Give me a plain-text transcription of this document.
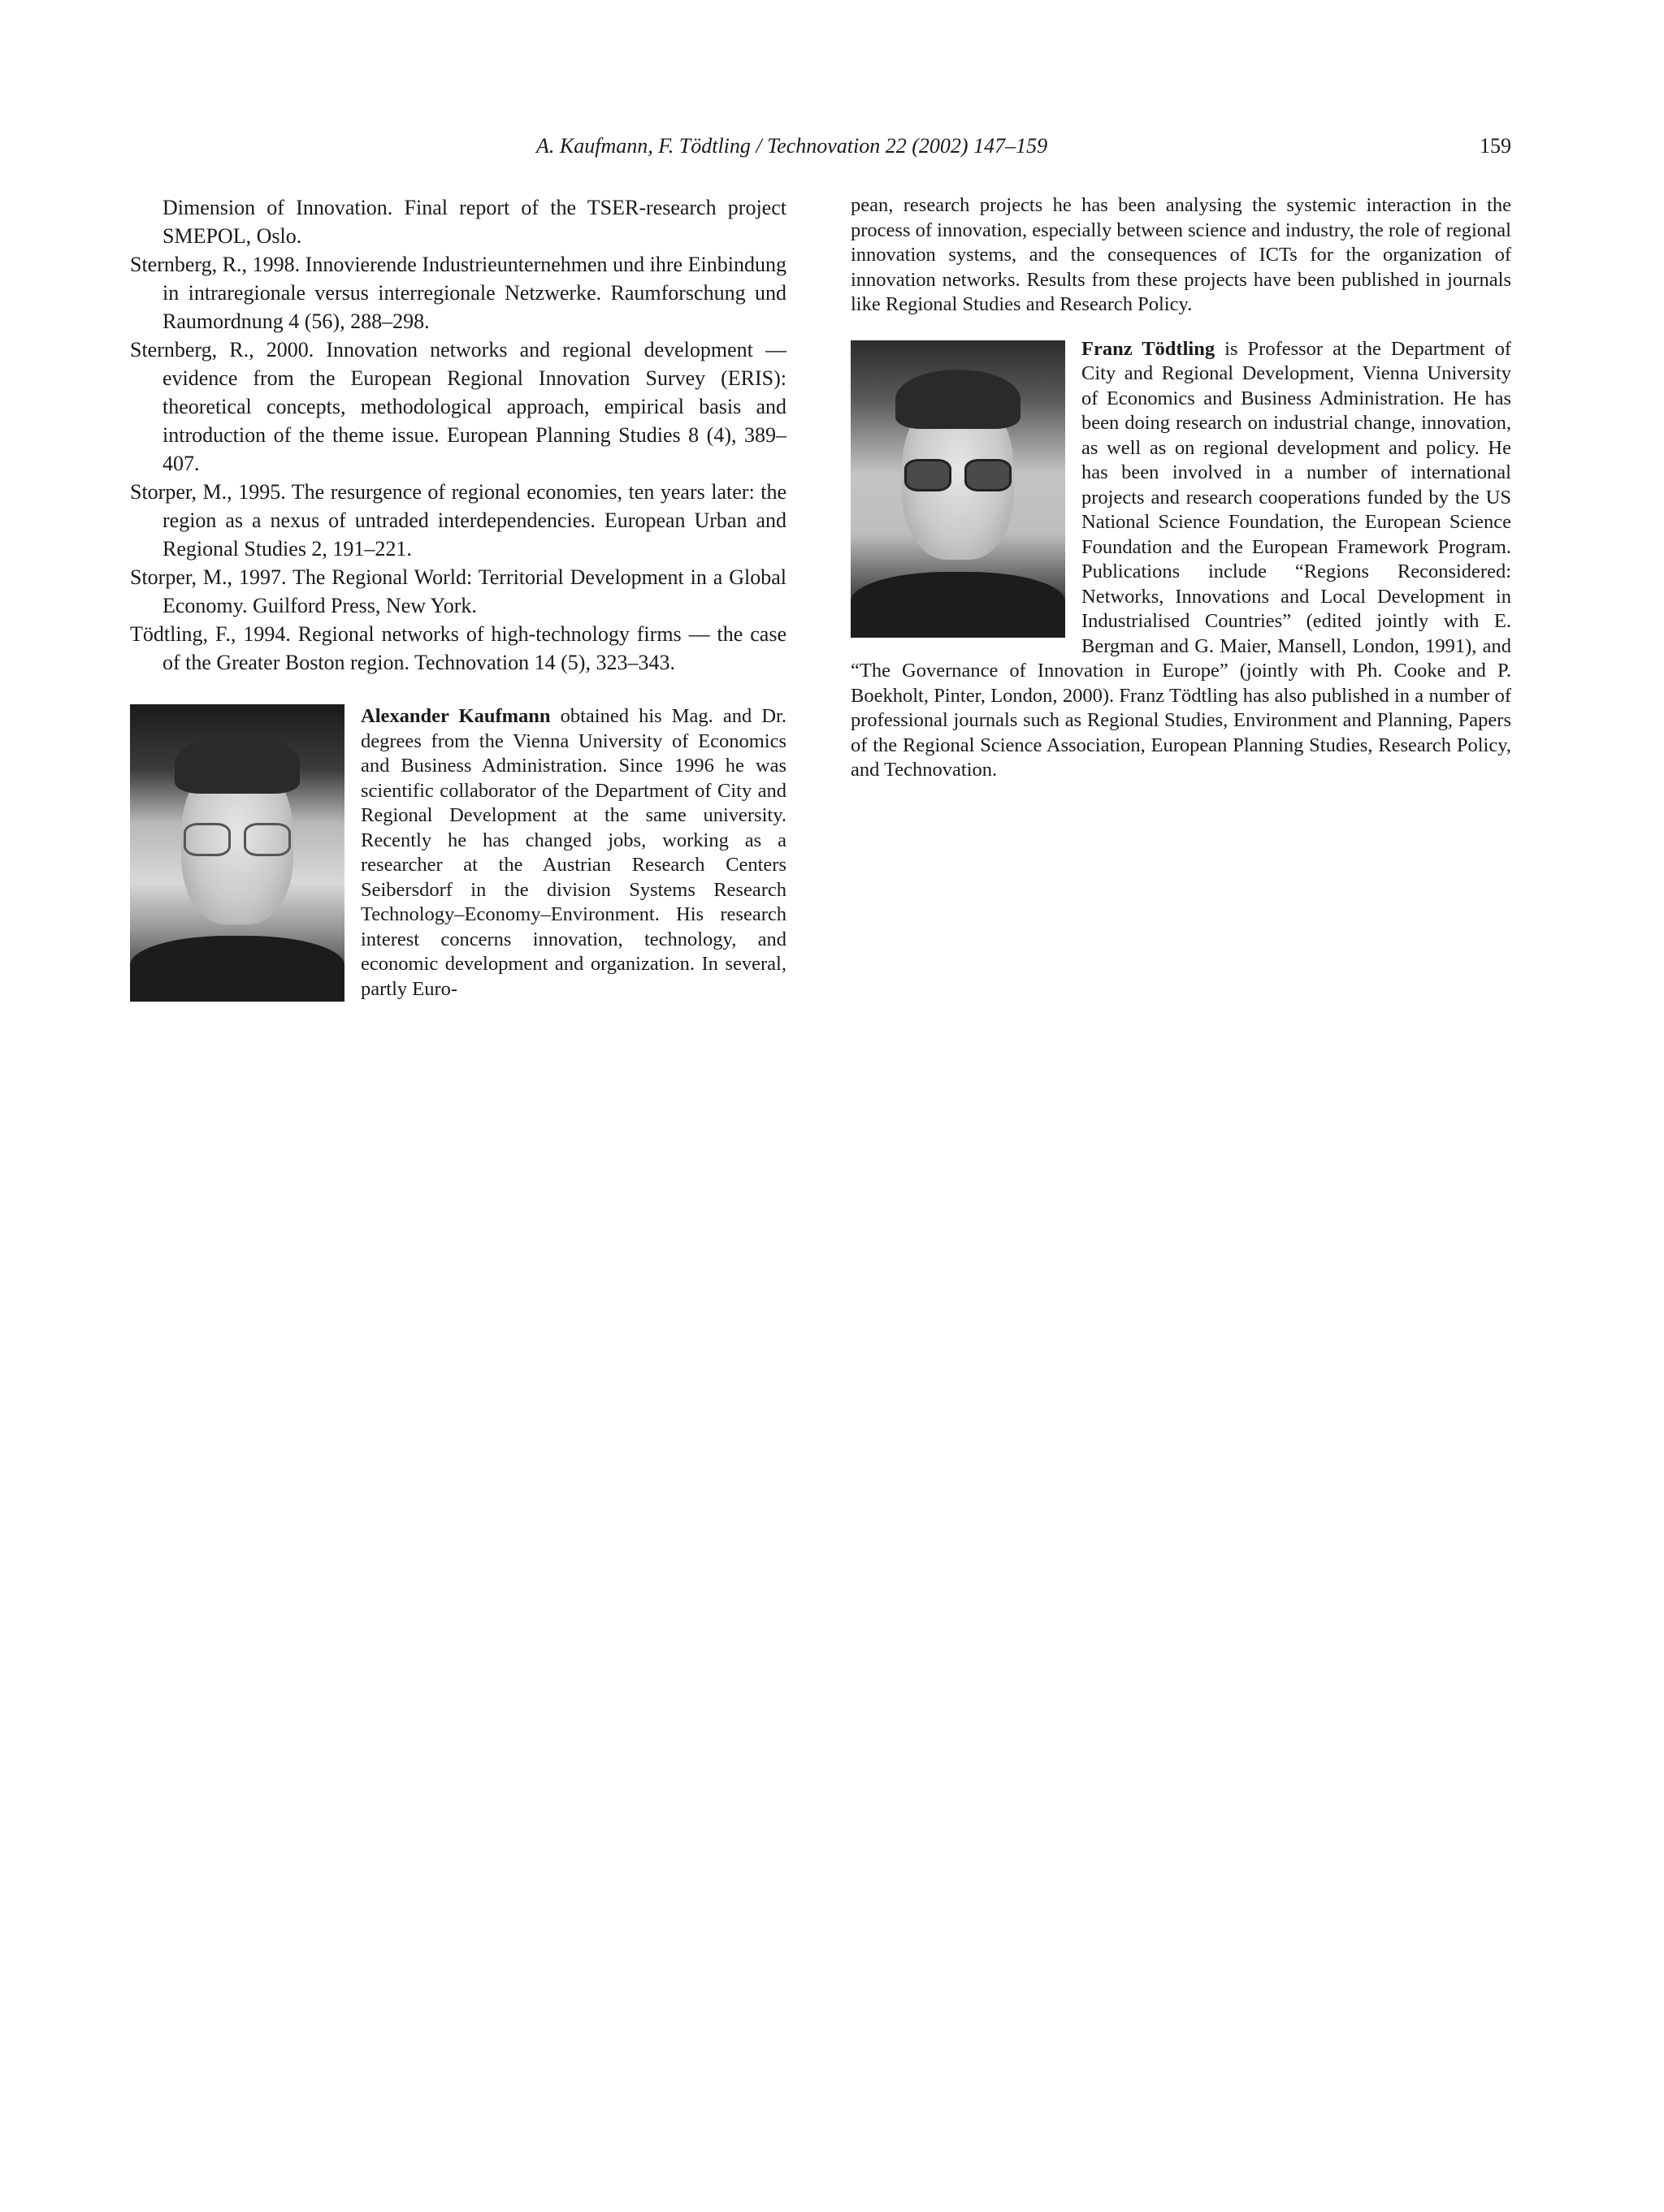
A. Kaufmann, F. Tödtling / Technovation 22 (2002) 147–159	159
Dimension of Innovation. Final report of the TSER-research project SMEPOL, Oslo.
Sternberg, R., 1998. Innovierende Industrieunternehmen und ihre Einbindung in intraregionale versus interregionale Netzwerke. Raumforschung und Raumordnung 4 (56), 288–298.
Sternberg, R., 2000. Innovation networks and regional development — evidence from the European Regional Innovation Survey (ERIS): theoretical concepts, methodological approach, empirical basis and introduction of the theme issue. European Planning Studies 8 (4), 389–407.
Storper, M., 1995. The resurgence of regional economies, ten years later: the region as a nexus of untraded interdependencies. European Urban and Regional Studies 2, 191–221.
Storper, M., 1997. The Regional World: Territorial Development in a Global Economy. Guilford Press, New York.
Tödtling, F., 1994. Regional networks of high-technology firms — the case of the Greater Boston region. Technovation 14 (5), 323–343.
Alexander Kaufmann obtained his Mag. and Dr. degrees from the Vienna University of Economics and Business Administration. Since 1996 he was scientific collaborator of the Department of City and Regional Development at the same university. Recently he has changed jobs, working as a researcher at the Austrian Research Centers Seibersdorf in the division Systems Research Technology–Economy–Environment. His research interest concerns innovation, technology, and economic development and organization. In several, partly Euro-

pean, research projects he has been analysing the systemic interaction in the process of innovation, especially between science and industry, the role of regional innovation systems, and the consequences of ICTs for the organization of innovation networks. Results from these projects have been published in journals like Regional Studies and Research Policy.

Franz Tödtling is Professor at the Department of City and Regional Development, Vienna University of Economics and Business Administration. He has been doing research on industrial change, innovation, as well as on regional development and policy. He has been involved in a number of international projects and research cooperations funded by the US National Science Foundation, the European Science Foundation and the European Framework Program. Publications include “Regions Reconsidered: Networks, Innovations and Local Development in Industrialised Countries” (edited jointly with E. Bergman and G. Maier, Mansell, London, 1991), and “The Governance of Innovation in Europe” (jointly with Ph. Cooke and P. Boekholt, Pinter, London, 2000). Franz Tödtling has also published in a number of professional journals such as Regional Studies, Environment and Planning, Papers of the Regional Science Association, European Planning Studies, Research Policy, and Technovation.
